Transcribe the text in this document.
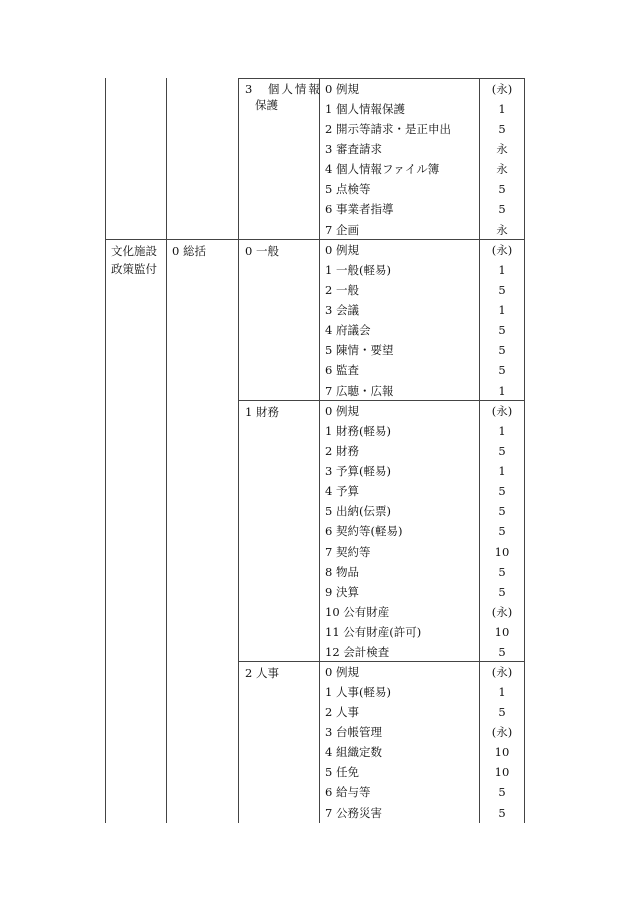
3　個人情報
保護
0 例規	(永)
1 個人情報保護	1
2 開示等請求・是正申出	5
3 審査請求	永
4 個人情報ファイル簿	永
5 点検等	5
6 事業者指導	5
7 企画	永
文化施設
政策監付
0 総括	0 一般	0 例規	(永)
1 一般(軽易)	1
2 一般	5
3 会議	1
4 府議会	5
5 陳情・要望	5
6 監査	5
7 広聴・広報	1
1 財務	0 例規	(永)
1 財務(軽易)	1
2 財務	5
3 予算(軽易)	1
4 予算	5
5 出納(伝票)	5
6 契約等(軽易)	5
7 契約等	10
8 物品	5
9 決算	5
10 公有財産	(永)
11 公有財産(許可)	10
12 会計検査	5
2 人事	0 例規	(永)
1 人事(軽易)	1
2 人事	5
3 台帳管理	(永)
4 組織定数	10
5 任免	10
6 給与等	5
7 公務災害	5
